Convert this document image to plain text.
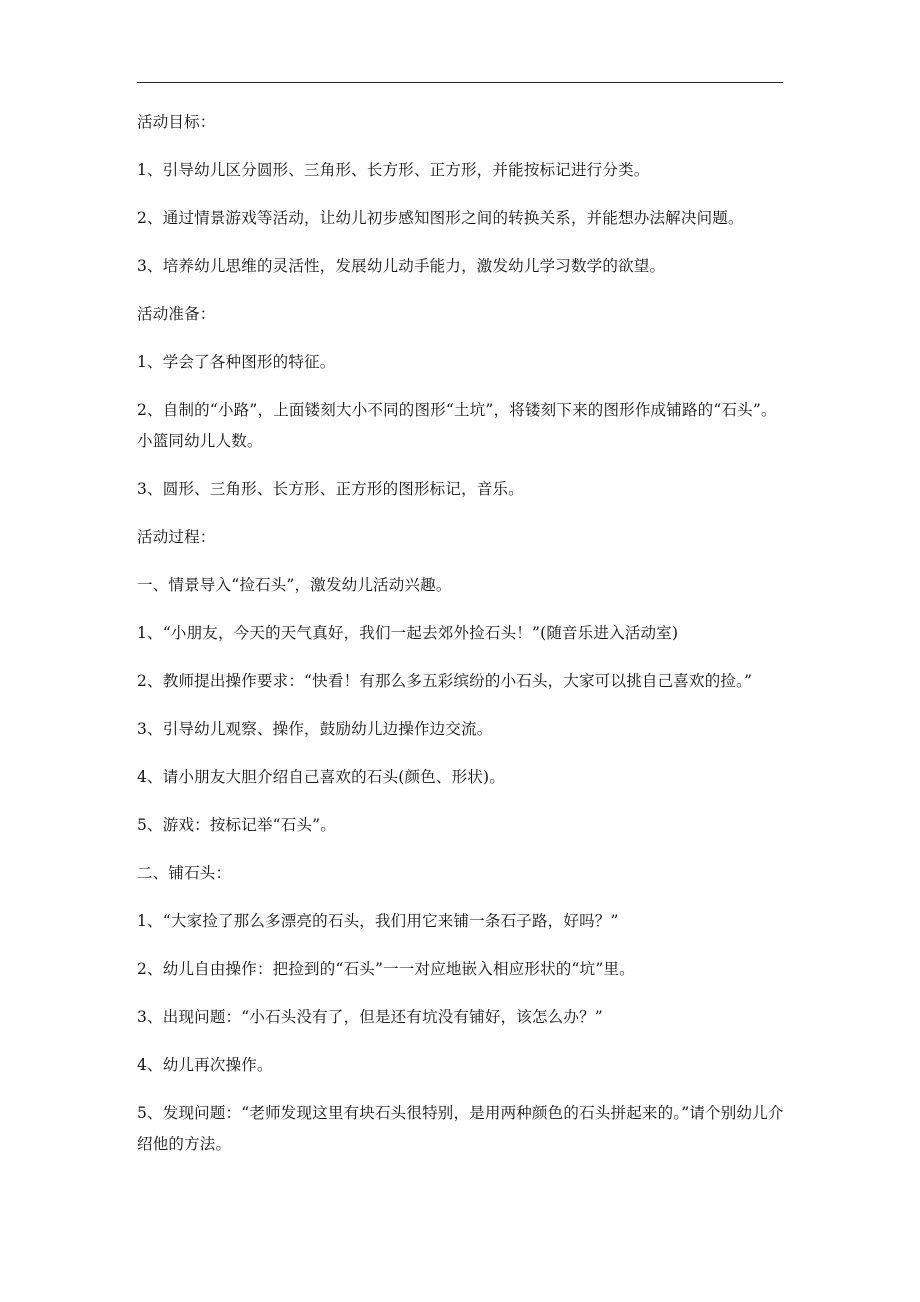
活动目标：

1、引导幼儿区分圆形、三角形、长方形、正方形，并能按标记进行分类。

2、通过情景游戏等活动，让幼儿初步感知图形之间的转换关系，并能想办法解决问题。

3、培养幼儿思维的灵活性，发展幼儿动手能力，激发幼儿学习数学的欲望。

活动准备：

1、学会了各种图形的特征。

2、自制的“小路”，上面镂刻大小不同的图形“土坑”，将镂刻下来的图形作成铺路的“石头”。小篮同幼儿人数。

3、圆形、三角形、长方形、正方形的图形标记，音乐。

活动过程：

一、情景导入“捡石头”，激发幼儿活动兴趣。

1、“小朋友，今天的天气真好，我们一起去郊外捡石头！”(随音乐进入活动室)

2、教师提出操作要求：“快看！有那么多五彩缤纷的小石头，大家可以挑自己喜欢的捡。”

3、引导幼儿观察、操作，鼓励幼儿边操作边交流。

4、请小朋友大胆介绍自己喜欢的石头(颜色、形状)。

5、游戏：按标记举“石头”。

二、铺石头：

1、“大家捡了那么多漂亮的石头，我们用它来铺一条石子路，好吗？”

2、幼儿自由操作：把捡到的“石头”一一对应地嵌入相应形状的“坑”里。

3、出现问题：“小石头没有了，但是还有坑没有铺好，该怎么办？”

4、幼儿再次操作。

5、发现问题：“老师发现这里有块石头很特别，是用两种颜色的石头拼起来的。”请个别幼儿介绍他的方法。
